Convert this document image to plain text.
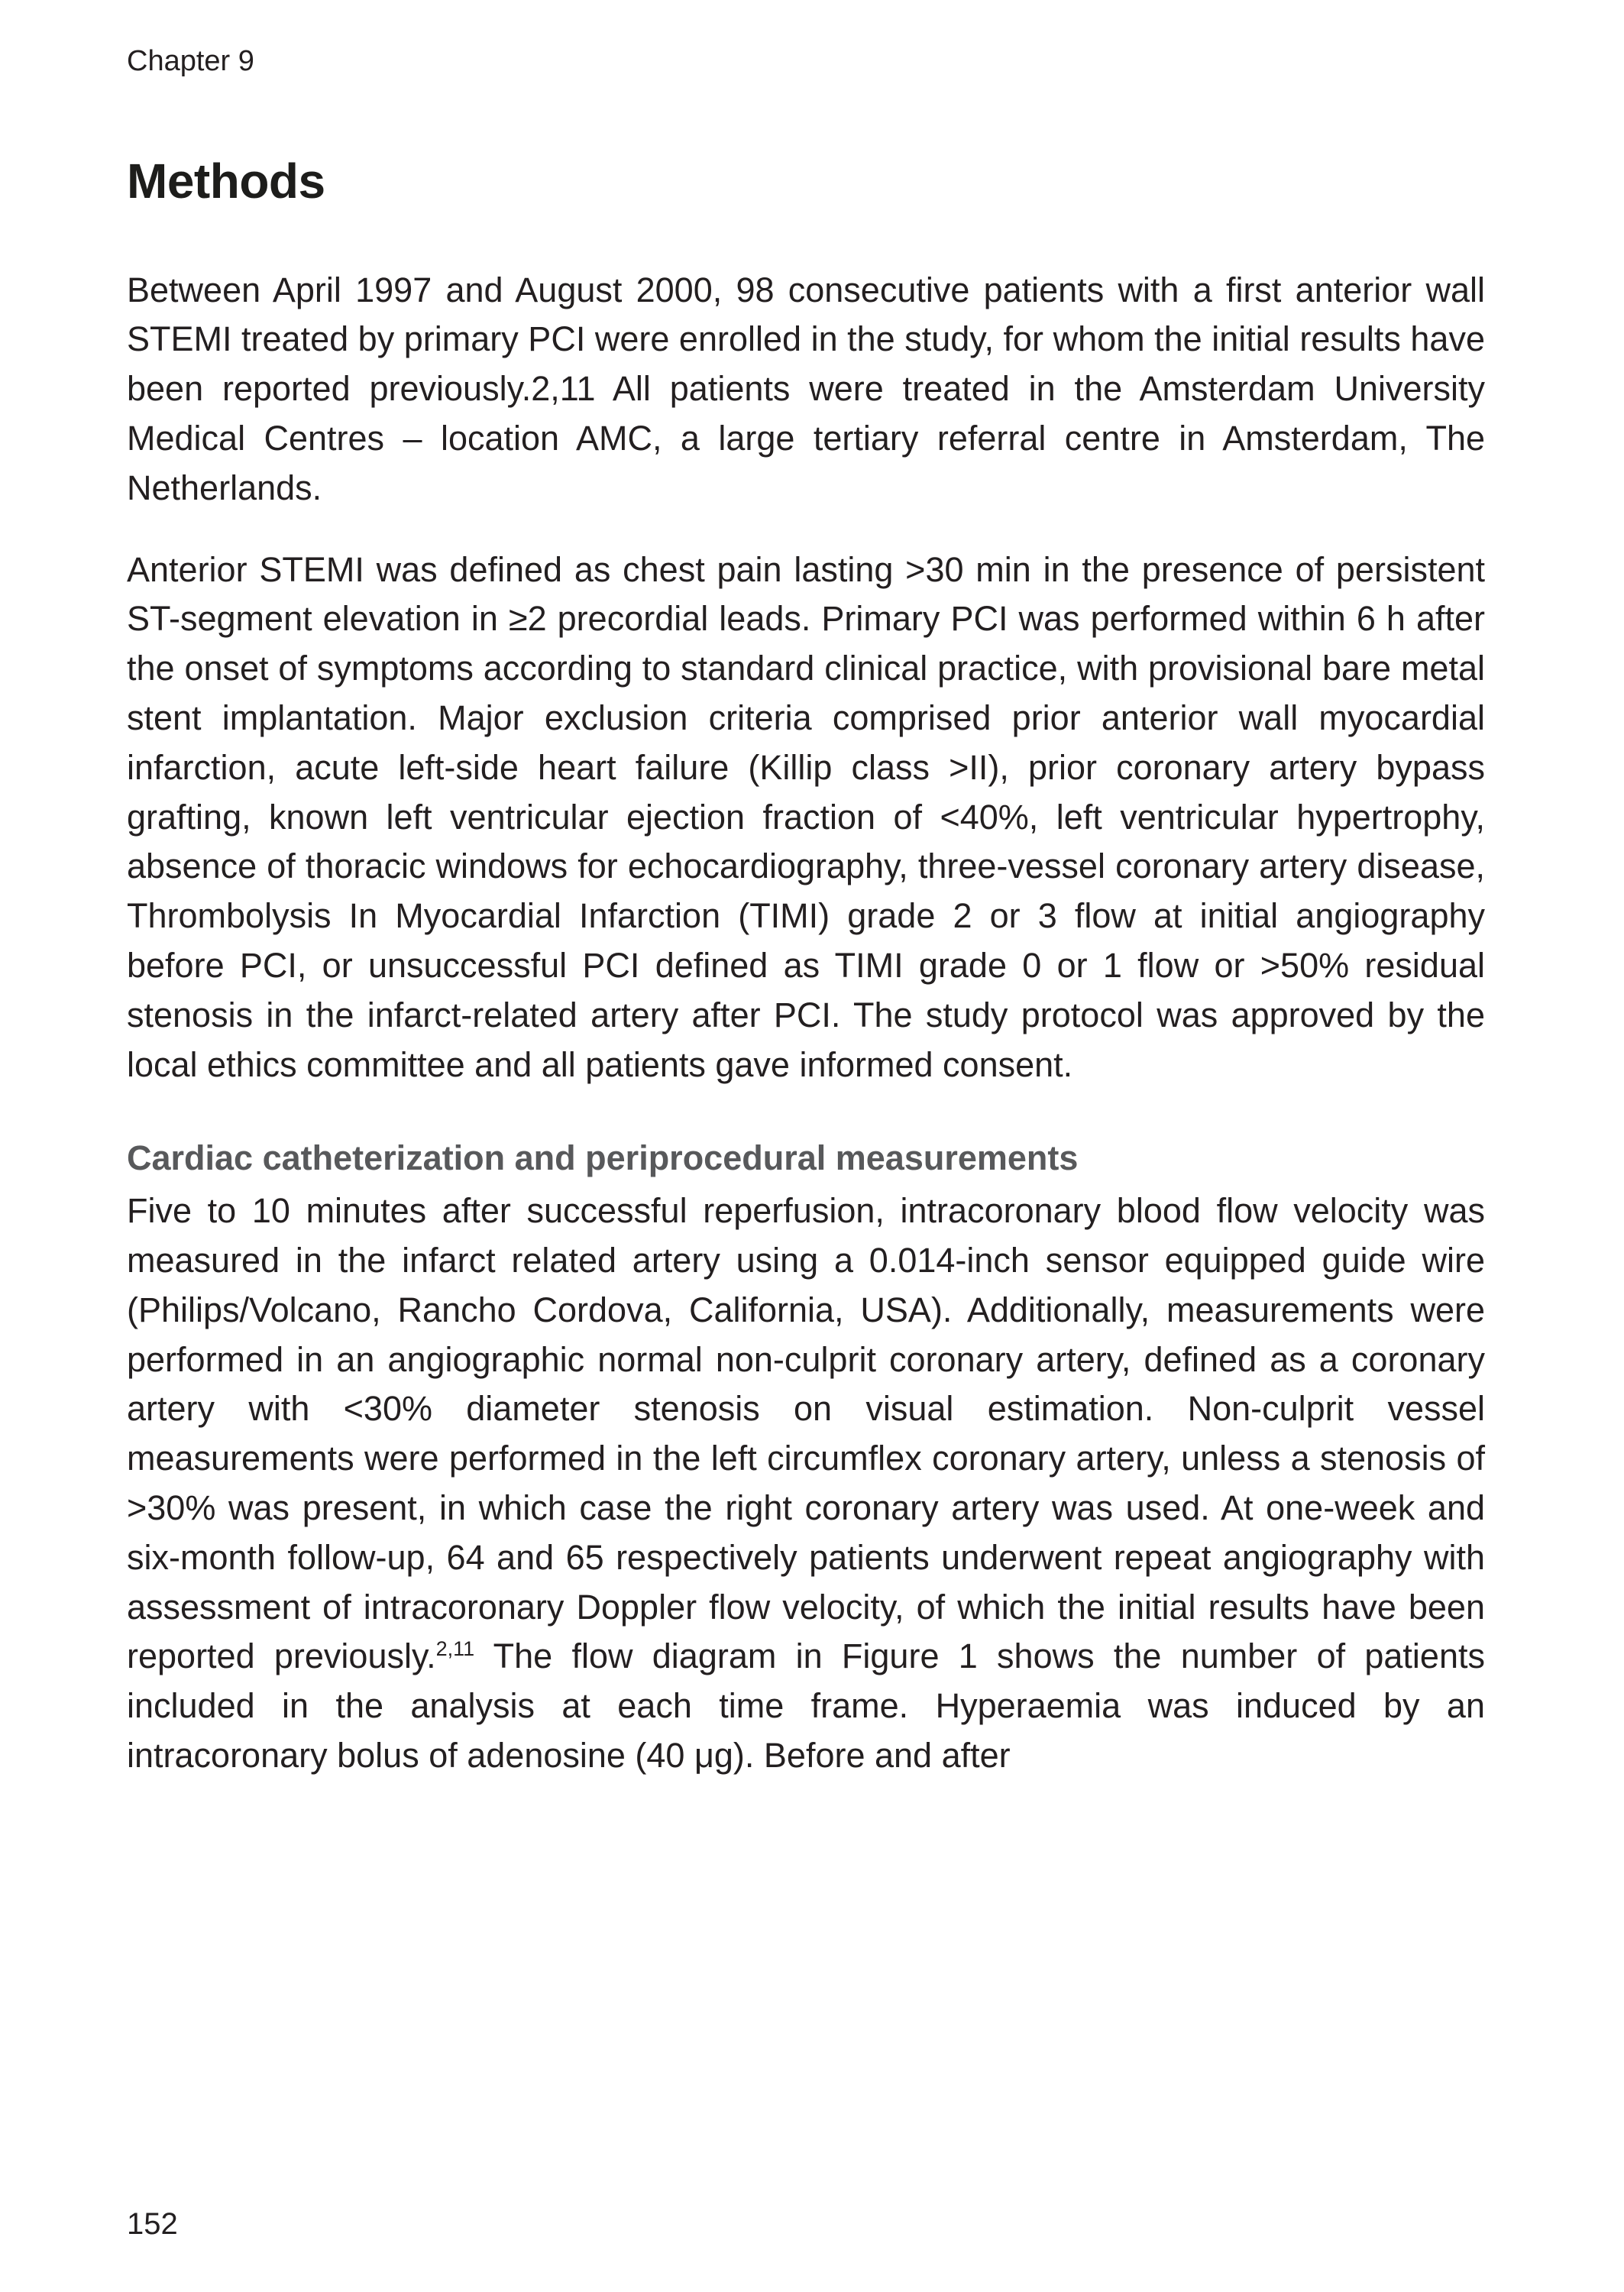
Chapter 9
Methods

Between April 1997 and August 2000, 98 consecutive patients with a first anterior wall STEMI treated by primary PCI were enrolled in the study, for whom the initial results have been reported previously.2,11 All patients were treated in the Amsterdam University Medical Centres – location AMC, a large tertiary referral centre in Amsterdam, The Netherlands.

Anterior STEMI was defined as chest pain lasting >30 min in the presence of persistent ST-segment elevation in ≥2 precordial leads. Primary PCI was performed within 6 h after the onset of symptoms according to standard clinical practice, with provisional bare metal stent implantation. Major exclusion criteria comprised prior anterior wall myocardial infarction, acute left-side heart failure (Killip class >II), prior coronary artery bypass grafting, known left ventricular ejection fraction of <40%, left ventricular hypertrophy, absence of thoracic windows for echocardiography, three-vessel coronary artery disease, Thrombolysis In Myocardial Infarction (TIMI) grade 2 or 3 flow at initial angiography before PCI, or unsuccessful PCI defined as TIMI grade 0 or 1 flow or >50% residual stenosis in the infarct-related artery after PCI. The study protocol was approved by the local ethics committee and all patients gave informed consent.

Cardiac catheterization and periprocedural measurements

Five to 10 minutes after successful reperfusion, intracoronary blood flow velocity was measured in the infarct related artery using a 0.014-inch sensor equipped guide wire (Philips/Volcano, Rancho Cordova, California, USA). Additionally, measurements were performed in an angiographic normal non-culprit coronary artery, defined as a coronary artery with <30% diameter stenosis on visual estimation. Non-culprit vessel measurements were performed in the left circumflex coronary artery, unless a stenosis of >30% was present, in which case the right coronary artery was used. At one-week and six-month follow-up, 64 and 65 respectively patients underwent repeat angiography with assessment of intracoronary Doppler flow velocity, of which the initial results have been reported previously.$^{2,11}$ The flow diagram in Figure 1 shows the number of patients included in the analysis at each time frame. Hyperaemia was induced by an intracoronary bolus of adenosine (40 μg). Before and after

152
